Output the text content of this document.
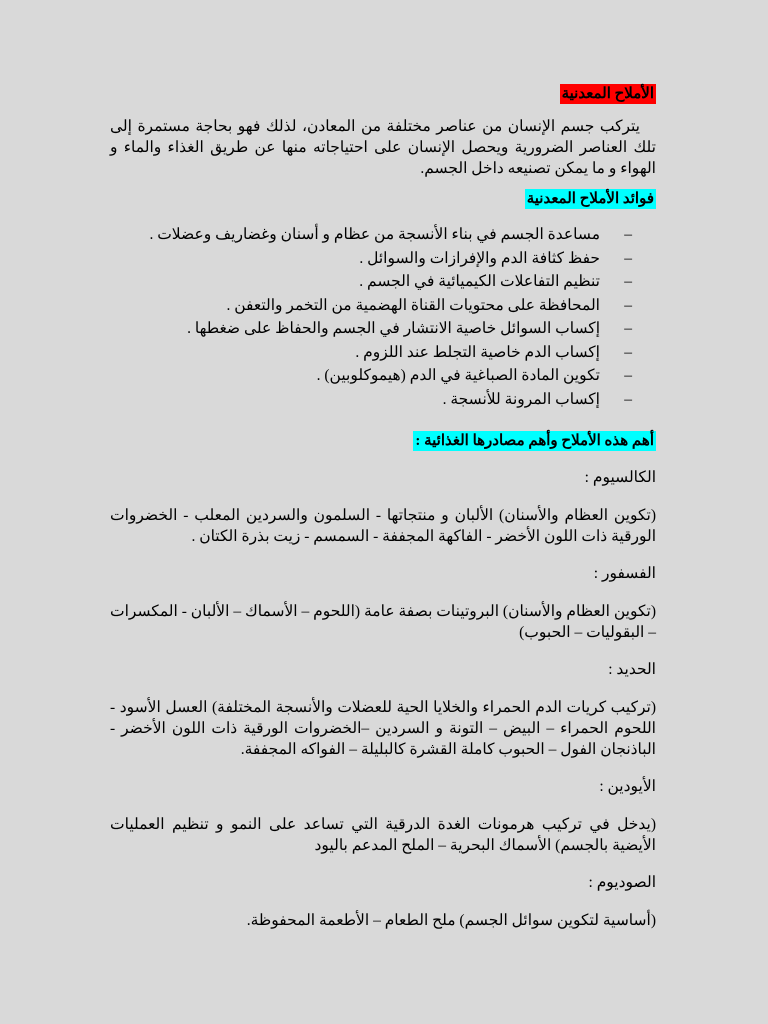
الأملاح المعدنية

يتركب جسم الإنسان من عناصر مختلفة من المعادن، لذلك فهو بحاجة مستمرة إلى تلك العناصر الضرورية ويحصل الإنسان على احتياجاته منها عن طريق الغذاء والماء و الهواء و ما يمكن تصنيعه داخل الجسم.

فوائد الأملاح المعدنية
–
مساعدة الجسم في بناء الأنسجة من عظام و أسنان وغضاريف وعضلات .
–
حفظ كثافة الدم والإفرازات والسوائل .
–
تنظيم التفاعلات الكيميائية في الجسم .
–
المحافظة على محتويات القناة الهضمية من التخمر والتعفن .
–
إكساب السوائل خاصية الانتشار في الجسم والحفاظ على ضغطها .
–
إكساب الدم خاصية التجلط عند اللزوم .
–
تكوين المادة الصباغية في الدم (هيموكلوبين) .
–
إكساب المرونة للأنسجة .
أهم هذه الأملاح وأهم مصادرها الغذائية :

الكالسيوم :

(تكوين العظام والأسنان) الألبان و منتجاتها - السلمون والسردين المعلب - الخضروات الورقية ذات اللون الأخضر - الفاكهة المجففة - السمسم - زيت بذرة الكتان .

الفسفور :

(تكوين العظام والأسنان) البروتينات بصفة عامة (اللحوم – الأسماك – الألبان - المكسرات – البقوليات – الحبوب)

الحديد :

(تركيب كريات الدم الحمراء والخلايا الحية للعضلات والأنسجة المختلفة) العسل الأسود - اللحوم الحمراء – البيض – التونة و السردين –الخضروات الورقية ذات اللون الأخضر - الباذنجان الفول – الحبوب كاملة القشرة كالبليلة – الفواكه المجففة.

الأيودين :

(يدخل في تركيب هرمونات الغدة الدرقية التي تساعد على النمو و تنظيم العمليات الأيضية بالجسم) الأسماك البحرية – الملح المدعم باليود

الصوديوم :

(أساسية لتكوين سوائل الجسم) ملح الطعام – الأطعمة المحفوظة.
